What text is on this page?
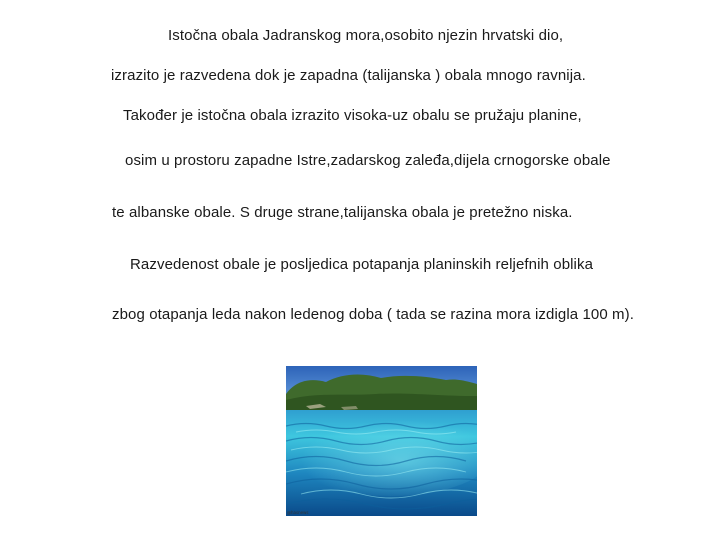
Istočna obala Jadranskog mora,osobito njezin hrvatski dio,
izrazito je razvedena dok je zapadna (talijanska ) obala mnogo ravnija.
Također je istočna obala izrazito visoka-uz obalu se pružaju planine,
osim u prostoru zapadne Istre,zadarskog zaleđa,dijela crnogorske obale
te albanske obale. S druge strane,talijanska obala je pretežno niska.
Razvedenost obale je posljedica potapanja planinskih reljefnih oblika
zbog otapanja leda nakon ledenog doba ( tada se razina mora izdigla 100 m).
@hasnews
